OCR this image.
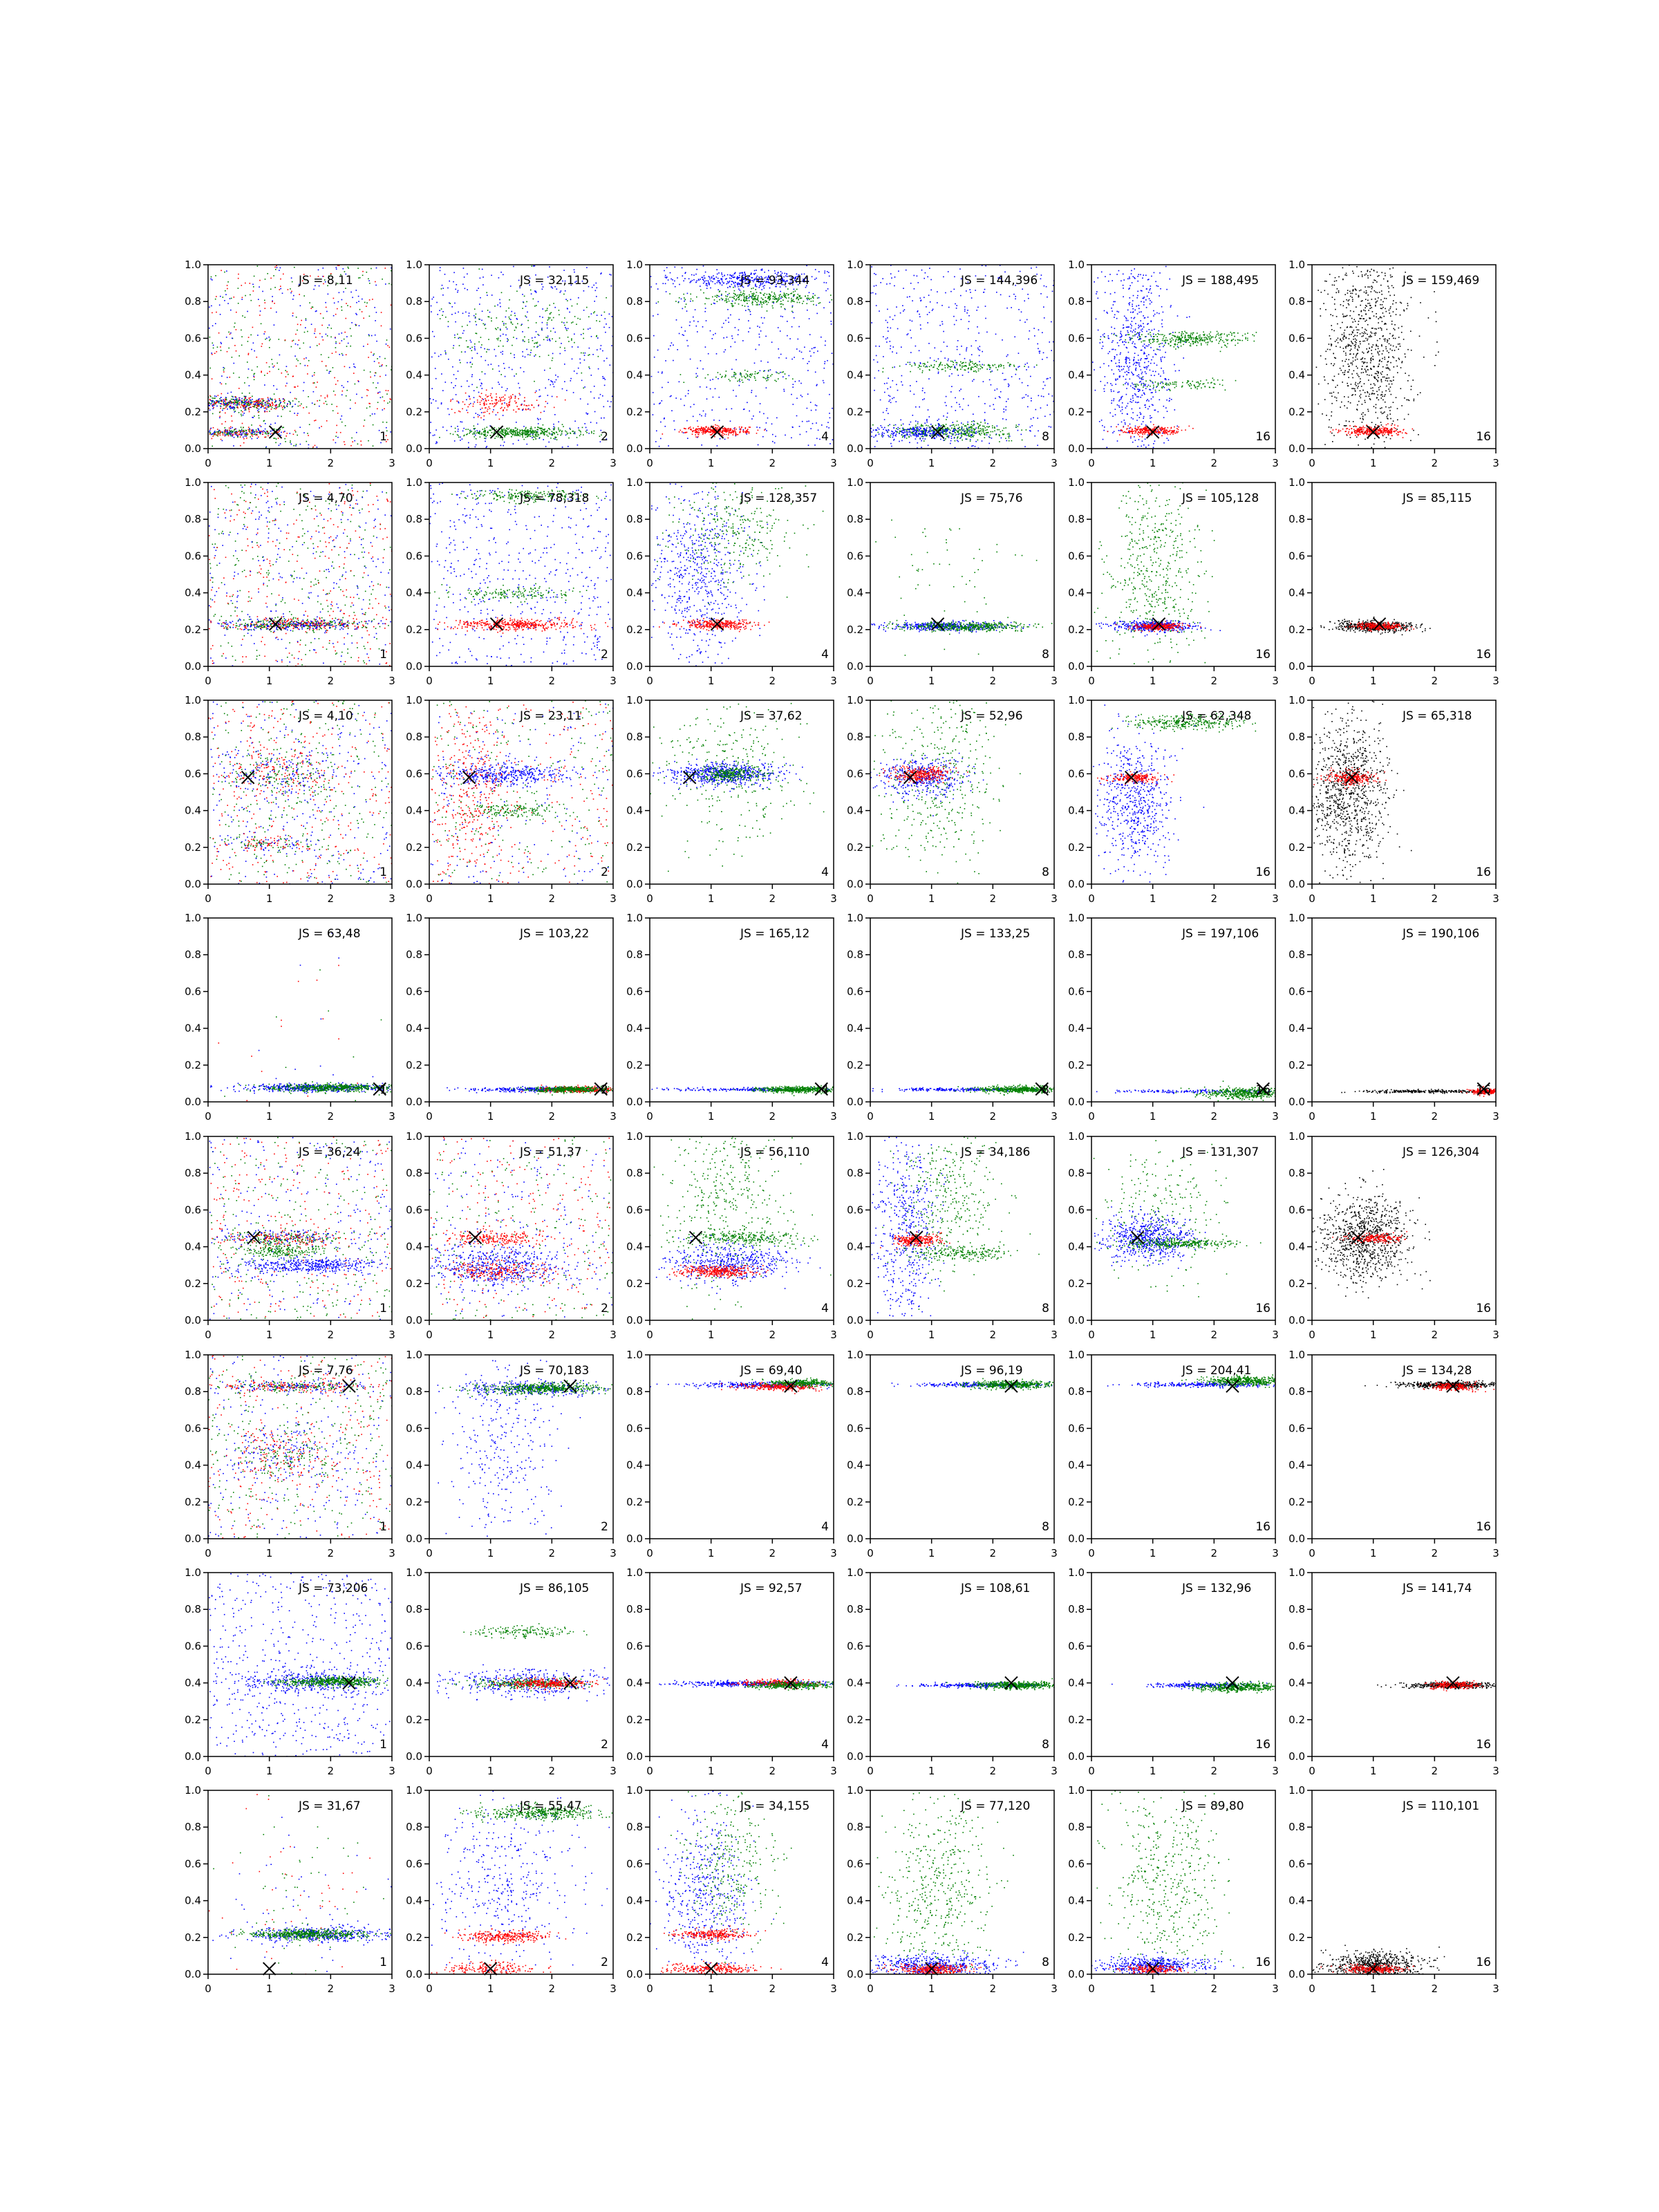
0	1	2	3
0.0
0.2
0.4
0.6
0.8
1.0
JS = 8,11
1
0	1	2	3
0.0
0.2
0.4
0.6
0.8
1.0
JS = 32,115
2
0	1	2	3
0.0
0.2
0.4
0.6
0.8
1.0
JS = 93,344
4
0	1	2	3
0.0
0.2
0.4
0.6
0.8
1.0
JS = 144,396
8
0	1	2	3
0.0
0.2
0.4
0.6
0.8
1.0
JS = 188,495
16
0	1	2	3
0.0
0.2
0.4
0.6
0.8
1.0
JS = 159,469
16
0	1	2	3
0.0
0.2
0.4
0.6
0.8
1.0
JS = 4,70
1
0	1	2	3
0.0
0.2
0.4
0.6
0.8
1.0
JS = 78,318
2
0	1	2	3
0.0
0.2
0.4
0.6
0.8
1.0
JS = 128,357
4
0	1	2	3
0.0
0.2
0.4
0.6
0.8
1.0
JS = 75,76
8
0	1	2	3
0.0
0.2
0.4
0.6
0.8
1.0
JS = 105,128
16
0	1	2	3
0.0
0.2
0.4
0.6
0.8
1.0
JS = 85,115
16
0	1	2	3
0.0
0.2
0.4
0.6
0.8
1.0
JS = 4,10
1
0	1	2	3
0.0
0.2
0.4
0.6
0.8
1.0
JS = 23,11
2
0	1	2	3
0.0
0.2
0.4
0.6
0.8
1.0
JS = 37,62
4
0	1	2	3
0.0
0.2
0.4
0.6
0.8
1.0
JS = 52,96
8
0	1	2	3
0.0
0.2
0.4
0.6
0.8
1.0
JS = 62,348
16
0	1	2	3
0.0
0.2
0.4
0.6
0.8
1.0
JS = 65,318
16
0	1	2	3
0.0
0.2
0.4
0.6
0.8
1.0
JS = 63,48
1
0	1	2	3
0.0
0.2
0.4
0.6
0.8
1.0
JS = 103,22
2
0	1	2	3
0.0
0.2
0.4
0.6
0.8
1.0
JS = 165,12
4
0	1	2	3
0.0
0.2
0.4
0.6
0.8
1.0
JS = 133,25
8
0	1	2	3
0.0
0.2
0.4
0.6
0.8
1.0
JS = 197,106
16
0	1	2	3
0.0
0.2
0.4
0.6
0.8
1.0
JS = 190,106
16
0	1	2	3
0.0
0.2
0.4
0.6
0.8
1.0
JS = 36,24
1
0	1	2	3
0.0
0.2
0.4
0.6
0.8
1.0
JS = 51,37
2
0	1	2	3
0.0
0.2
0.4
0.6
0.8
1.0
JS = 56,110
4
0	1	2	3
0.0
0.2
0.4
0.6
0.8
1.0
JS = 34,186
8
0	1	2	3
0.0
0.2
0.4
0.6
0.8
1.0
JS = 131,307
16
0	1	2	3
0.0
0.2
0.4
0.6
0.8
1.0
JS = 126,304
16
0	1	2	3
0.0
0.2
0.4
0.6
0.8
1.0
JS = 7,76
1
0	1	2	3
0.0
0.2
0.4
0.6
0.8
1.0
JS = 70,183
2
0	1	2	3
0.0
0.2
0.4
0.6
0.8
1.0
JS = 69,40
4
0	1	2	3
0.0
0.2
0.4
0.6
0.8
1.0
JS = 96,19
8
0	1	2	3
0.0
0.2
0.4
0.6
0.8
1.0
JS = 204,41
16
0	1	2	3
0.0
0.2
0.4
0.6
0.8
1.0
JS = 134,28
16
0	1	2	3
0.0
0.2
0.4
0.6
0.8
1.0
JS = 73,206
1
0	1	2	3
0.0
0.2
0.4
0.6
0.8
1.0
JS = 86,105
2
0	1	2	3
0.0
0.2
0.4
0.6
0.8
1.0
JS = 92,57
4
0	1	2	3
0.0
0.2
0.4
0.6
0.8
1.0
JS = 108,61
8
0	1	2	3
0.0
0.2
0.4
0.6
0.8
1.0
JS = 132,96
16
0	1	2	3
0.0
0.2
0.4
0.6
0.8
1.0
JS = 141,74
16
0	1	2	3
0.0
0.2
0.4
0.6
0.8
1.0
JS = 31,67
1
0	1	2	3
0.0
0.2
0.4
0.6
0.8
1.0
JS = 55,47
2
0	1	2	3
0.0
0.2
0.4
0.6
0.8
1.0
JS = 34,155
4
0	1	2	3
0.0
0.2
0.4
0.6
0.8
1.0
JS = 77,120
8
0	1	2	3
0.0
0.2
0.4
0.6
0.8
1.0
JS = 89,80
16
0	1	2	3
0.0
0.2
0.4
0.6
0.8
1.0
JS = 110,101
16
